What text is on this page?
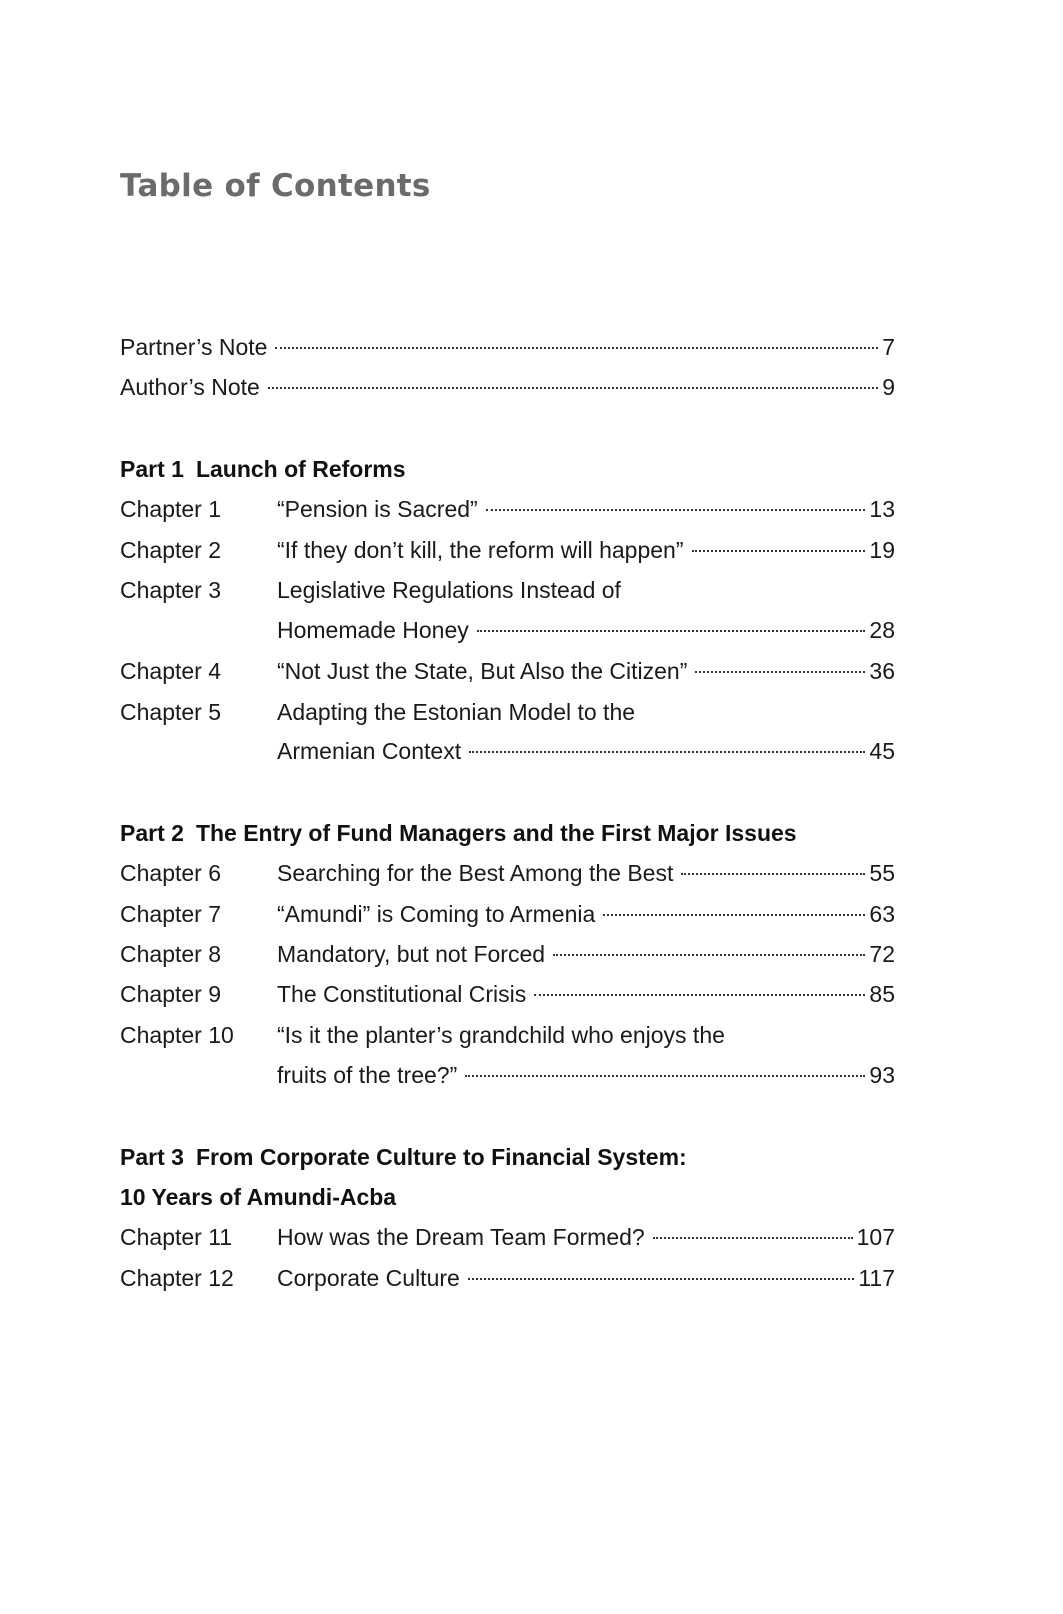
Table of Contents
Partner’s Note	7
Author’s Note	9
Part 1 Launch of Reforms
Chapter 1 “Pension is Sacred”	13
Chapter 2 “If they don’t kill, the reform will happen”	19
Chapter 3 Legislative Regulations Instead of
Homemade Honey	28
Chapter 4 “Not Just the State, But Also the Citizen”	36
Chapter 5 Adapting the Estonian Model to the
Armenian Context	45
Part 2 The Entry of Fund Managers and the First Major Issues
Chapter 6 Searching for the Best Among the Best	55
Chapter 7 “Amundi” is Coming to Armenia	63
Chapter 8 Mandatory, but not Forced	72
Chapter 9 The Constitutional Crisis	85
Chapter 10 “Is it the planter’s grandchild who enjoys the
fruits of the tree?”	93
Part 3 From Corporate Culture to Financial System:
10 Years of Amundi-Acba
Chapter 11 How was the Dream Team Formed?	107
Chapter 12 Corporate Culture	117
